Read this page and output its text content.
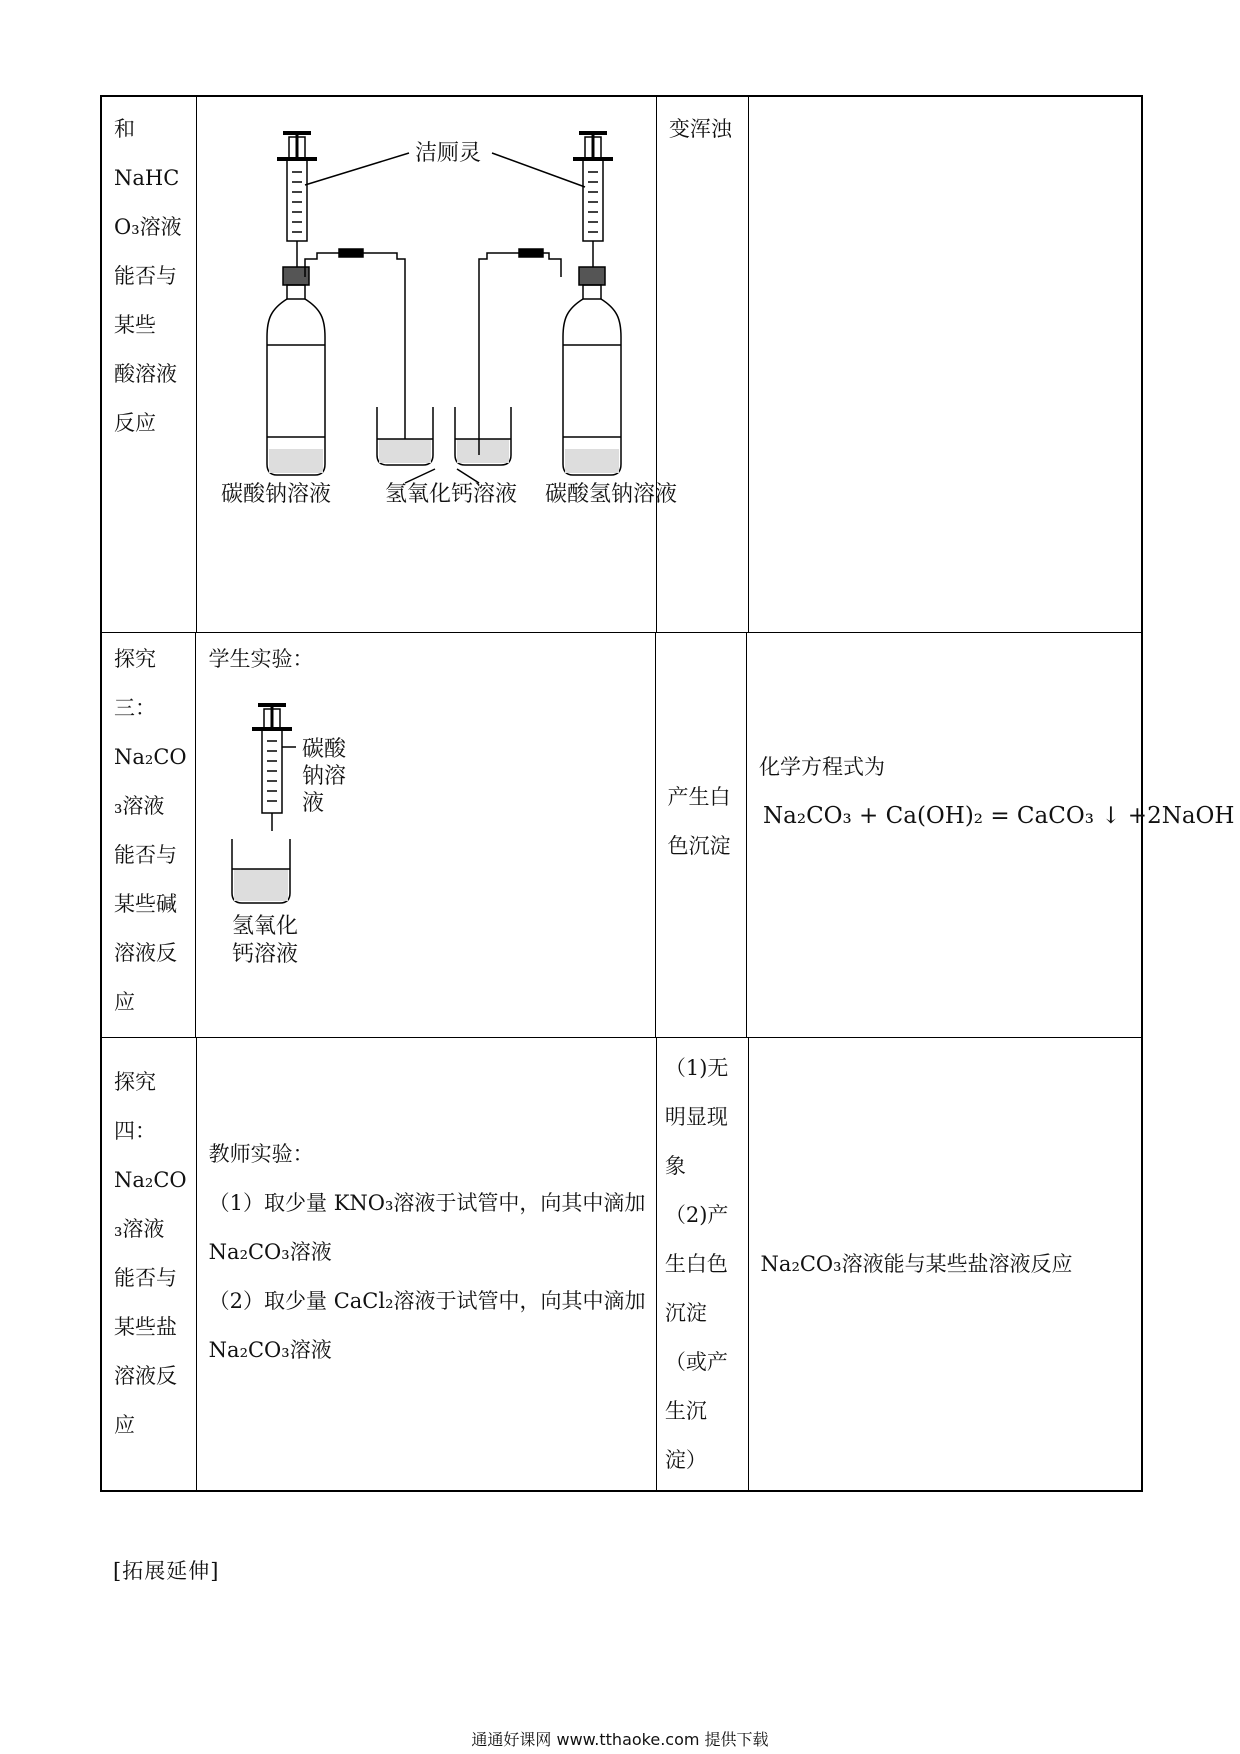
和
NaHC
O₃溶液
能否与
某些
酸溶液
反应
洁厕灵
碳酸钠溶液 氢氧化钙溶液 碳酸氢钠溶液
变浑浊
探究
三：
Na₂CO
₃溶液
能否与
某些碱
溶液反
应
学生实验：
碳酸
钠溶
液
氢氧化
钙溶液
产生白
色沉淀
化学方程式为
Na₂CO₃ + Ca(OH)₂ = CaCO₃ ↓ +2NaOH
探究
四：
Na₂CO
₃溶液
能否与
某些盐
溶液反
应
教师实验：
（1）取少量 KNO₃溶液于试管中，向其中滴加
Na₂CO₃溶液
（2）取少量 CaCl₂溶液于试管中，向其中滴加
Na₂CO₃溶液
（1)无
明显现
象
（2)产
生白色
沉淀
（或产
生沉
淀）
Na₂CO₃溶液能与某些盐溶液反应
[拓展延伸]
通通好课网 www.tthaoke.com 提供下载
